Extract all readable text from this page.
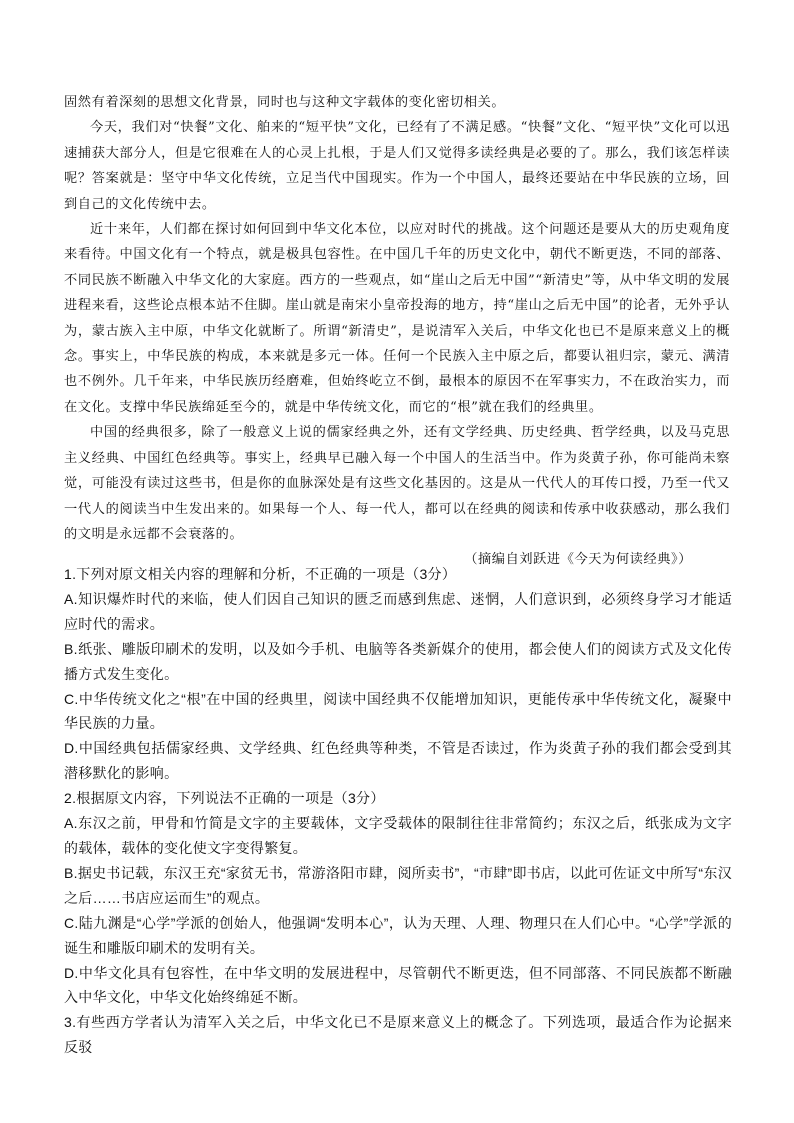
固然有着深刻的思想文化背景，同时也与这种文字载体的变化密切相关。

今天，我们对“快餐”文化、舶来的“短平快”文化，已经有了不满足感。“快餐”文化、“短平快”文化可以迅速捕获大部分人，但是它很难在人的心灵上扎根，于是人们又觉得多读经典是必要的了。那么，我们该怎样读呢？答案就是：坚守中华文化传统，立足当代中国现实。作为一个中国人，最终还要站在中华民族的立场，回到自己的文化传统中去。

近十来年，人们都在探讨如何回到中华文化本位，以应对时代的挑战。这个问题还是要从大的历史观角度来看待。中国文化有一个特点，就是极具包容性。在中国几千年的历史文化中，朝代不断更迭，不同的部落、不同民族不断融入中华文化的大家庭。西方的一些观点，如“崖山之后无中国”“新清史”等，从中华文明的发展进程来看，这些论点根本站不住脚。崖山就是南宋小皇帝投海的地方，持“崖山之后无中国”的论者，无外乎认为，蒙古族入主中原，中华文化就断了。所谓“新清史”，是说清军入关后，中华文化也已不是原来意义上的概念。事实上，中华民族的构成，本来就是多元一体。任何一个民族入主中原之后，都要认祖归宗，蒙元、满清也不例外。几千年来，中华民族历经磨难，但始终屹立不倒，最根本的原因不在军事实力，不在政治实力，而在文化。支撑中华民族绵延至今的，就是中华传统文化，而它的“根”就在我们的经典里。

中国的经典很多，除了一般意义上说的儒家经典之外，还有文学经典、历史经典、哲学经典，以及马克思主义经典、中国红色经典等。事实上，经典早已融入每一个中国人的生活当中。作为炎黄子孙，你可能尚未察觉，可能没有读过这些书，但是你的血脉深处是有这些文化基因的。这是从一代代人的耳传口授，乃至一代又一代人的阅读当中生发出来的。如果每一个人、每一代人，都可以在经典的阅读和传承中收获感动，那么我们的文明是永远都不会衰落的。

（摘编自刘跃进《今天为何读经典》）

1.下列对原文相关内容的理解和分析，不正确的一项是（3分）

A.知识爆炸时代的来临，使人们因自己知识的匮乏而感到焦虑、迷惘，人们意识到，必须终身学习才能适应时代的需求。

B.纸张、雕版印刷术的发明，以及如今手机、电脑等各类新媒介的使用，都会使人们的阅读方式及文化传播方式发生变化。

C.中华传统文化之“根”在中国的经典里，阅读中国经典不仅能增加知识，更能传承中华传统文化，凝聚中华民族的力量。

D.中国经典包括儒家经典、文学经典、红色经典等种类，不管是否读过，作为炎黄子孙的我们都会受到其潜移默化的影响。

2.根据原文内容，下列说法不正确的一项是（3分）

A.东汉之前，甲骨和竹简是文字的主要载体，文字受载体的限制往往非常简约；东汉之后，纸张成为文字的载体，载体的变化使文字变得繁复。

B.据史书记载，东汉王充“家贫无书，常游洛阳市肆，阅所卖书”，“市肆”即书店，以此可佐证文中所写“东汉之后……书店应运而生”的观点。

C.陆九渊是“心学”学派的创始人，他强调“发明本心”，认为天理、人理、物理只在人们心中。“心学”学派的诞生和雕版印刷术的发明有关。

D.中华文化具有包容性，在中华文明的发展进程中，尽管朝代不断更迭，但不同部落、不同民族都不断融入中华文化，中华文化始终绵延不断。

3.有些西方学者认为清军入关之后，中华文化已不是原来意义上的概念了。下列选项，最适合作为论据来反驳
